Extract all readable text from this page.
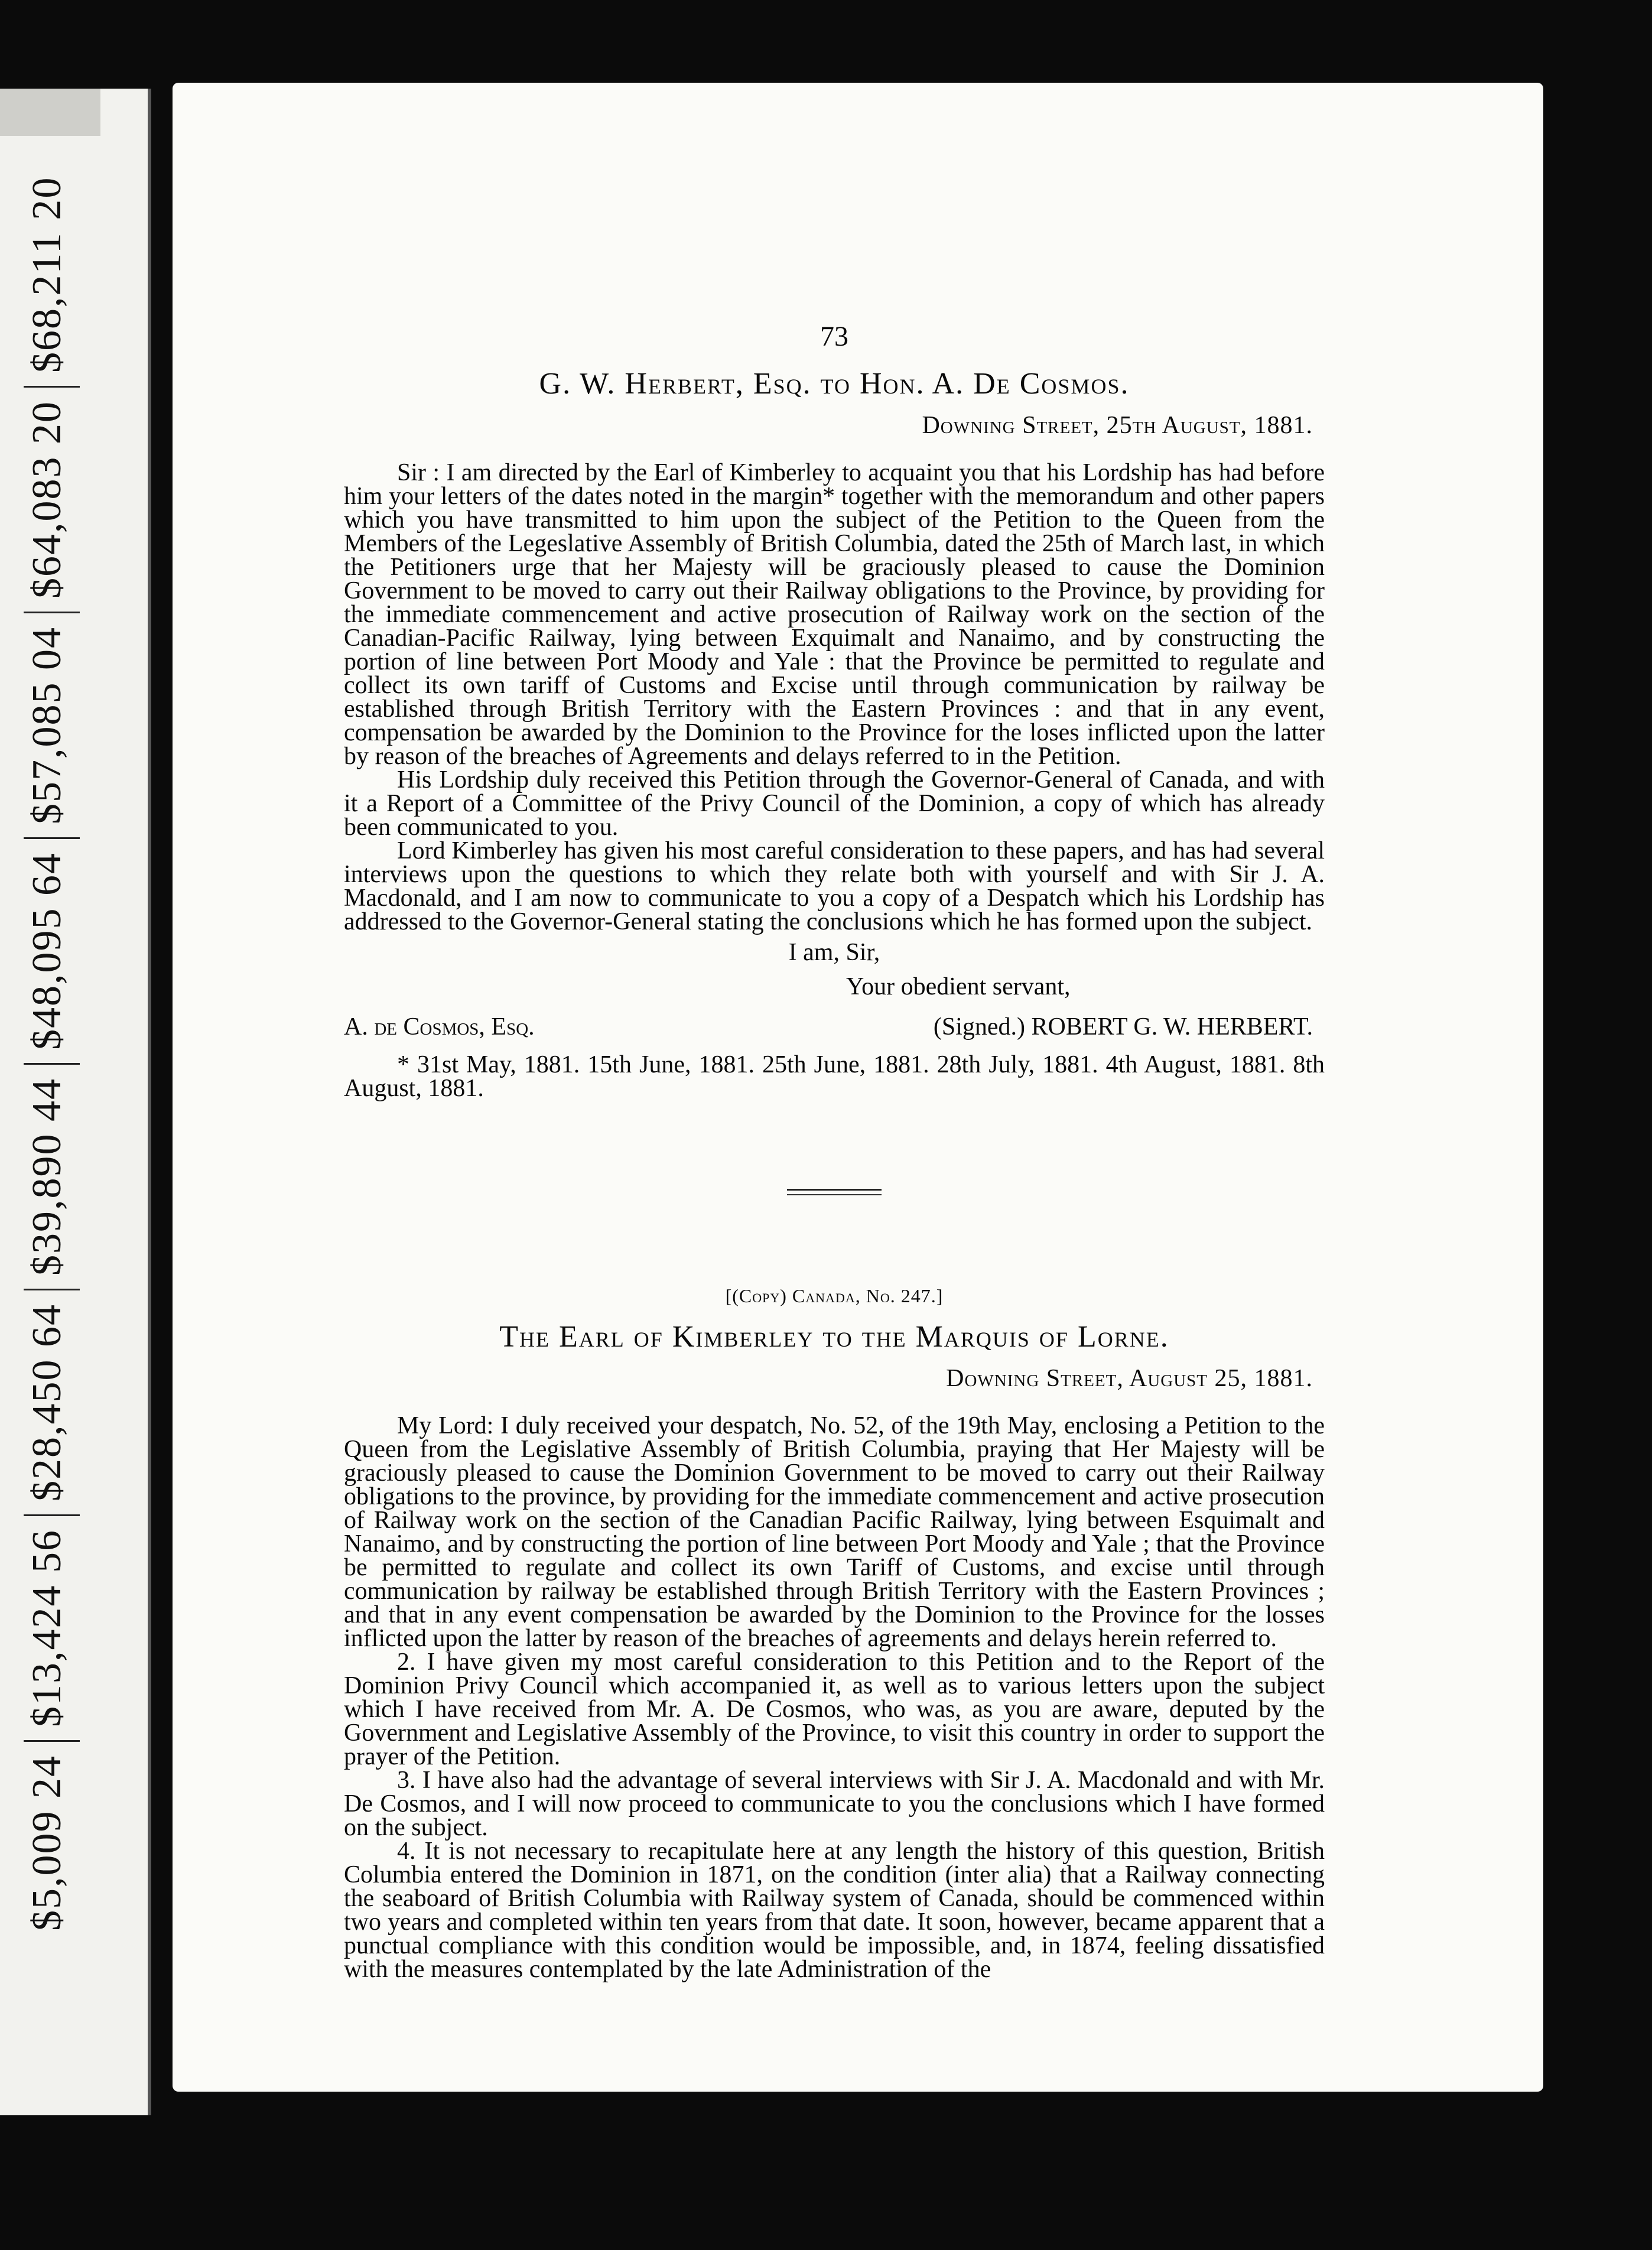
$5,009 24
$13,424 56
$28,450 64
$39,890 44
$48,095 64
$57,085 04
$64,083 20
$68,211 20	73
G. W. Herbert, Esq. to Hon. A. De Cosmos.
Downing Street, 25th August, 1881.

Sir : I am directed by the Earl of Kimberley to acquaint you that his Lordship has had before him your letters of the dates noted in the margin* together with the memorandum and other papers which you have transmitted to him upon the subject of the Petition to the Queen from the Members of the Legeslative Assembly of British Columbia, dated the 25th of March last, in which the Petitioners urge that her Majesty will be graciously pleased to cause the Dominion Government to be moved to carry out their Railway obligations to the Province, by providing for the immediate commencement and active prosecution of Railway work on the section of the Canadian-Pacific Railway, lying between Exquimalt and Nanaimo, and by constructing the portion of line between Port Moody and Yale : that the Province be permitted to regulate and collect its own tariff of Customs and Excise until through communication by railway be established through British Territory with the Eastern Provinces : and that in any event, compensation be awarded by the Dominion to the Province for the loses inflicted upon the latter by reason of the breaches of Agreements and delays referred to in the Petition.

His Lordship duly received this Petition through the Governor-General of Canada, and with it a Report of a Committee of the Privy Council of the Dominion, a copy of which has already been communicated to you.

Lord Kimberley has given his most careful consideration to these papers, and has had several interviews upon the questions to which they relate both with yourself and with Sir J. A. Macdonald, and I am now to communicate to you a copy of a Despatch which his Lordship has addressed to the Governor-General stating the conclusions which he has formed upon the subject.

I am, Sir,
Your obedient servant,
A. de Cosmos, Esq.	(Signed.) ROBERT G. W. HERBERT.

* 31st May, 1881. 15th June, 1881. 25th June, 1881. 28th July, 1881. 4th August, 1881. 8th August, 1881.

[(Copy) Canada, No. 247.]
The Earl of Kimberley to the Marquis of Lorne.
Downing Street, August 25, 1881.

My Lord: I duly received your despatch, No. 52, of the 19th May, enclosing a Petition to the Queen from the Legislative Assembly of British Columbia, praying that Her Majesty will be graciously pleased to cause the Dominion Government to be moved to carry out their Railway obligations to the province, by providing for the immediate commencement and active prosecution of Railway work on the section of the Canadian Pacific Railway, lying between Esquimalt and Nanaimo, and by constructing the portion of line between Port Moody and Yale ; that the Province be permitted to regulate and collect its own Tariff of Customs, and excise until through communication by railway be established through British Territory with the Eastern Provinces ; and that in any event compensation be awarded by the Dominion to the Province for the losses inflicted upon the latter by reason of the breaches of agreements and delays herein referred to.

2. I have given my most careful consideration to this Petition and to the Report of the Dominion Privy Council which accompanied it, as well as to various letters upon the subject which I have received from Mr. A. De Cosmos, who was, as you are aware, deputed by the Government and Legislative Assembly of the Province, to visit this country in order to support the prayer of the Petition.

3. I have also had the advantage of several interviews with Sir J. A. Macdonald and with Mr. De Cosmos, and I will now proceed to communicate to you the conclusions which I have formed on the subject.

4. It is not necessary to recapitulate here at any length the history of this question, British Columbia entered the Dominion in 1871, on the condition (inter alia) that a Railway connecting the seaboard of British Columbia with Railway system of Canada, should be commenced within two years and completed within ten years from that date. It soon, however, became apparent that a punctual compliance with this condition would be impossible, and, in 1874, feeling dissatisfied with the measures contemplated by the late Administration of the
